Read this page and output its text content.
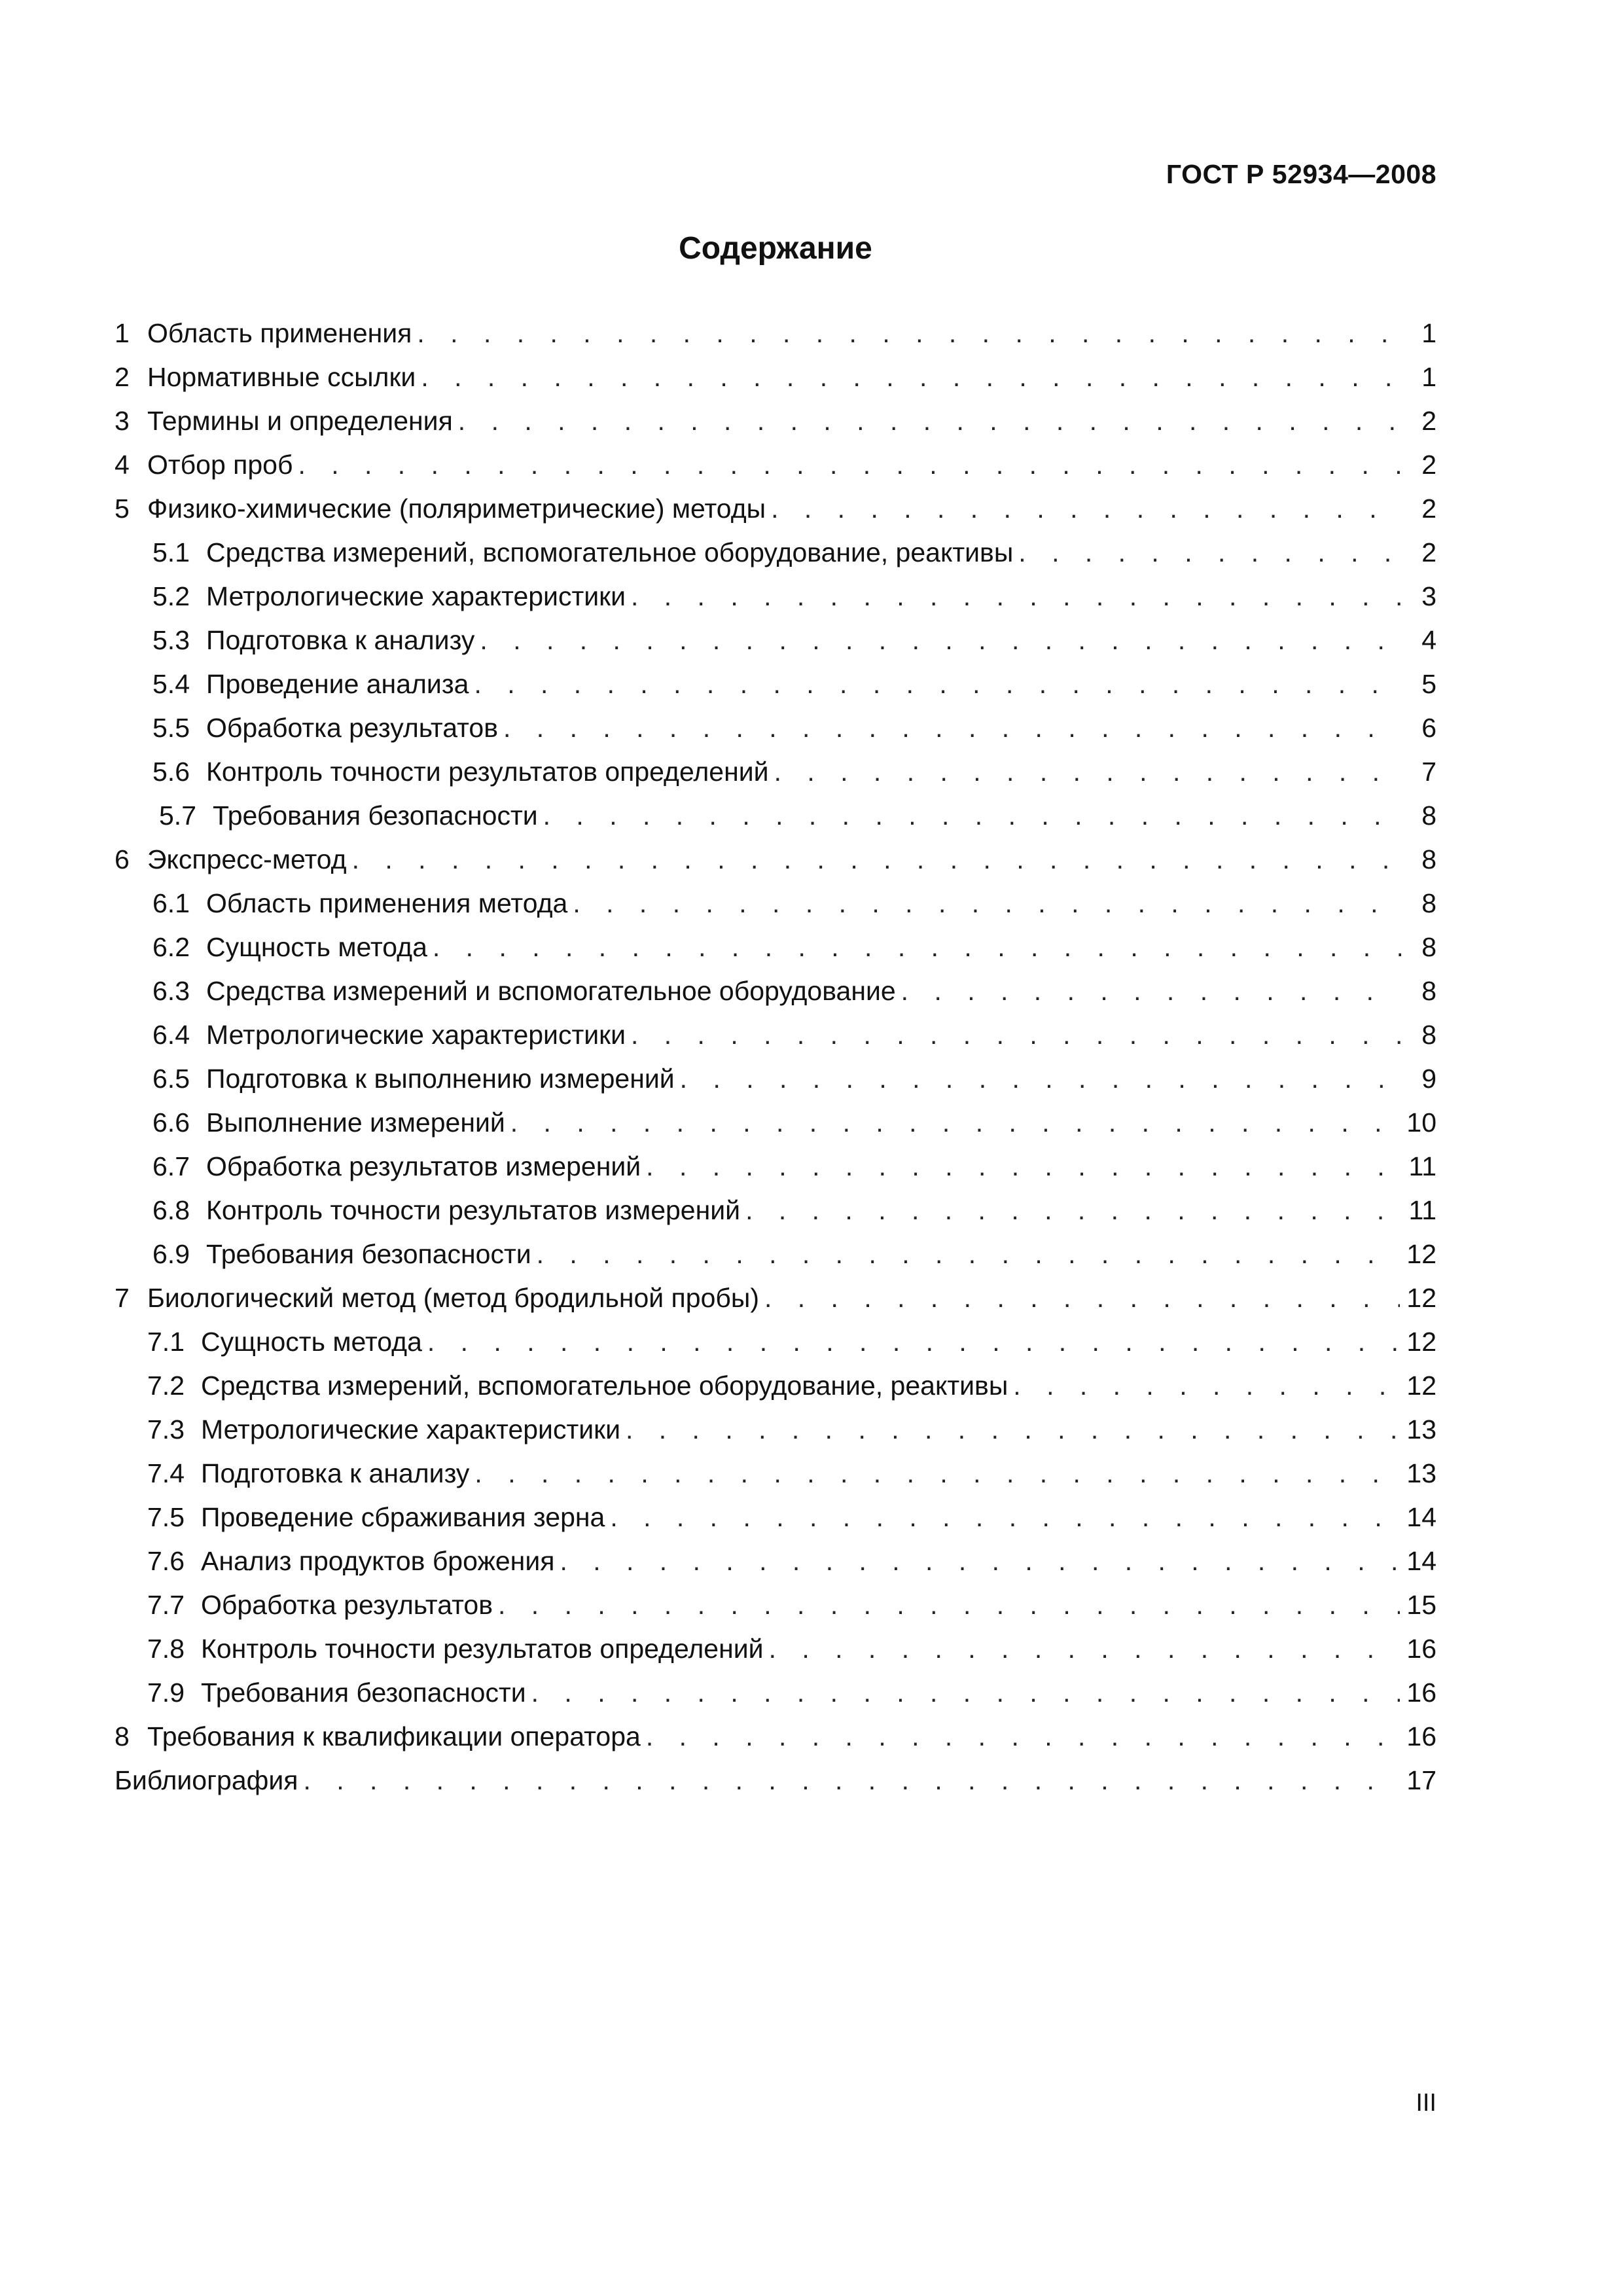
ГОСТ Р 52934—2008
Содержание
1 Область применения . . .	1
2 Нормативные ссылки . . .	1
3 Термины и определения . . .	2
4 Отбор проб . . .	2
5 Физико-химические (поляриметрические) методы . . .	2
5.1 Средства измерений, вспомогательное оборудование, реактивы . . .	2
5.2 Метрологические характеристики . . .	3
5.3 Подготовка к анализу . . .	4
5.4 Проведение анализа . . .	5
5.5 Обработка результатов . . .	6
5.6 Контроль точности результатов определений . . .	7
5.7 Требования безопасности . . .	8
6 Экспресс-метод . . .	8
6.1 Область применения метода . . .	8
6.2 Сущность метода . . .	8
6.3 Средства измерений и вспомогательное оборудование . . .	8
6.4 Метрологические характеристики . . .	8
6.5 Подготовка к выполнению измерений . . .	9
6.6 Выполнение измерений . . .	10
6.7 Обработка результатов измерений . . .	11
6.8 Контроль точности результатов измерений . . .	11
6.9 Требования безопасности . . .	12
7 Биологический метод (метод бродильной пробы) . . .	12
7.1 Сущность метода . . .	12
7.2 Средства измерений, вспомогательное оборудование, реактивы . . .	12
7.3 Метрологические характеристики . . .	13
7.4 Подготовка к анализу . . .	13
7.5 Проведение сбраживания зерна . . .	14
7.6 Анализ продуктов брожения . . .	14
7.7 Обработка результатов . . .	15
7.8 Контроль точности результатов определений . . .	16
7.9 Требования безопасности . . .	16
8 Требования к квалификации оператора . . .	16
Библиография . . .	17
III
